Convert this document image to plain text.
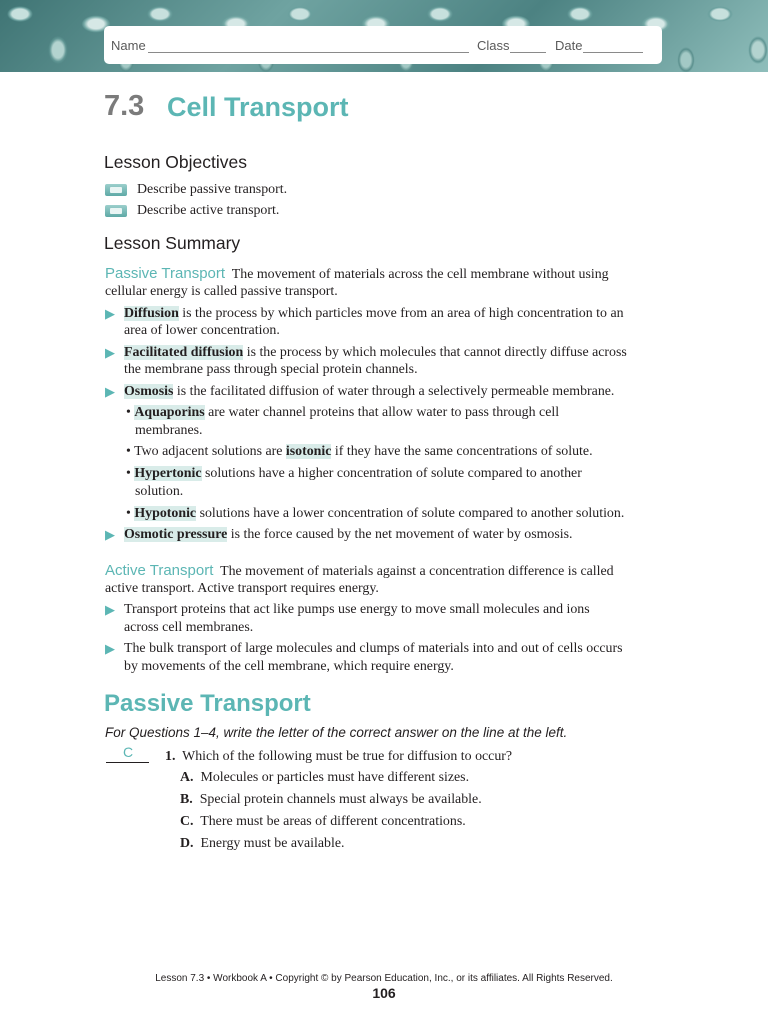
Name	Class	Date
7.3 Cell Transport
Lesson Objectives
Describe passive transport.
Describe active transport.
Lesson Summary
Passive Transport The movement of materials across the cell membrane without using
cellular energy is called passive transport.
▶ Diffusion is the process by which particles move from an area of high concentration to an
area of lower concentration.
▶ Facilitated diffusion is the process by which molecules that cannot directly diffuse across
the membrane pass through special protein channels.
▶ Osmosis is the facilitated diffusion of water through a selectively permeable membrane.
• Aquaporins are water channel proteins that allow water to pass through cell
membranes.
• Two adjacent solutions are isotonic if they have the same concentrations of solute.
• Hypertonic solutions have a higher concentration of solute compared to another
solution.
• Hypotonic solutions have a lower concentration of solute compared to another solution.
▶ Osmotic pressure is the force caused by the net movement of water by osmosis.
Active Transport The movement of materials against a concentration difference is called
active transport. Active transport requires energy.
▶ Transport proteins that act like pumps use energy to move small molecules and ions
across cell membranes.
▶ The bulk transport of large molecules and clumps of materials into and out of cells occurs
by movements of the cell membrane, which require energy.
Passive Transport
For Questions 1–4, write the letter of the correct answer on the line at the left.
C 1. Which of the following must be true for diffusion to occur?
A. Molecules or particles must have different sizes.
B. Special protein channels must always be available.
C. There must be areas of different concentrations.
D. Energy must be available.
Lesson 7.3 • Workbook A • Copyright © by Pearson Education, Inc., or its affiliates. All Rights Reserved.
106
